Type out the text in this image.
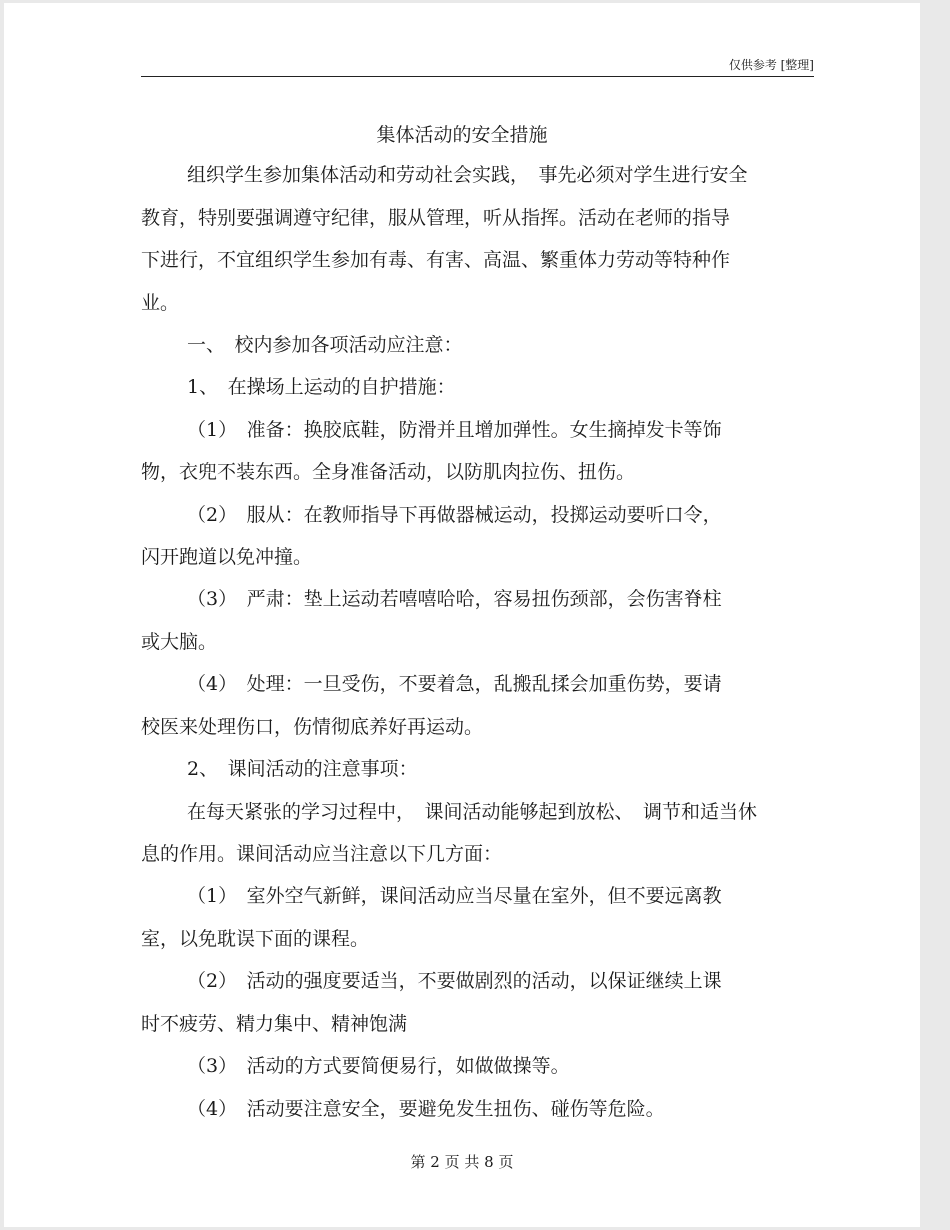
仅供参考 [整理]
集体活动的安全措施
组织学生参加集体活动和劳动社会实践，　事先必须对学生进行安全
教育，特别要强调遵守纪律，服从管理，听从指挥。活动在老师的指导
下进行，不宜组织学生参加有毒、有害、高温、繁重体力劳动等特种作
业。
一、　校内参加各项活动应注意：
1、　在操场上运动的自护措施：
（1）　准备：换胶底鞋，防滑并且增加弹性。女生摘掉发卡等饰
物，衣兜不装东西。全身准备活动，以防肌肉拉伤、扭伤。
（2）　服从：在教师指导下再做器械运动，投掷运动要听口令，
闪开跑道以免冲撞。
（3）　严肃：垫上运动若嘻嘻哈哈，容易扭伤颈部，会伤害脊柱
或大脑。
（4）　处理：一旦受伤，不要着急，乱搬乱揉会加重伤势，要请
校医来处理伤口，伤情彻底养好再运动。
2、　课间活动的注意事项：
在每天紧张的学习过程中，　课间活动能够起到放松、　调节和适当休
息的作用。课间活动应当注意以下几方面：
（1）　室外空气新鲜，课间活动应当尽量在室外，但不要远离教
室，以免耽误下面的课程。
（2）　活动的强度要适当，不要做剧烈的活动，以保证继续上课
时不疲劳、精力集中、精神饱满
（3）　活动的方式要简便易行，如做做操等。
（4）　活动要注意安全，要避免发生扭伤、碰伤等危险。
第 2 页 共 8 页
